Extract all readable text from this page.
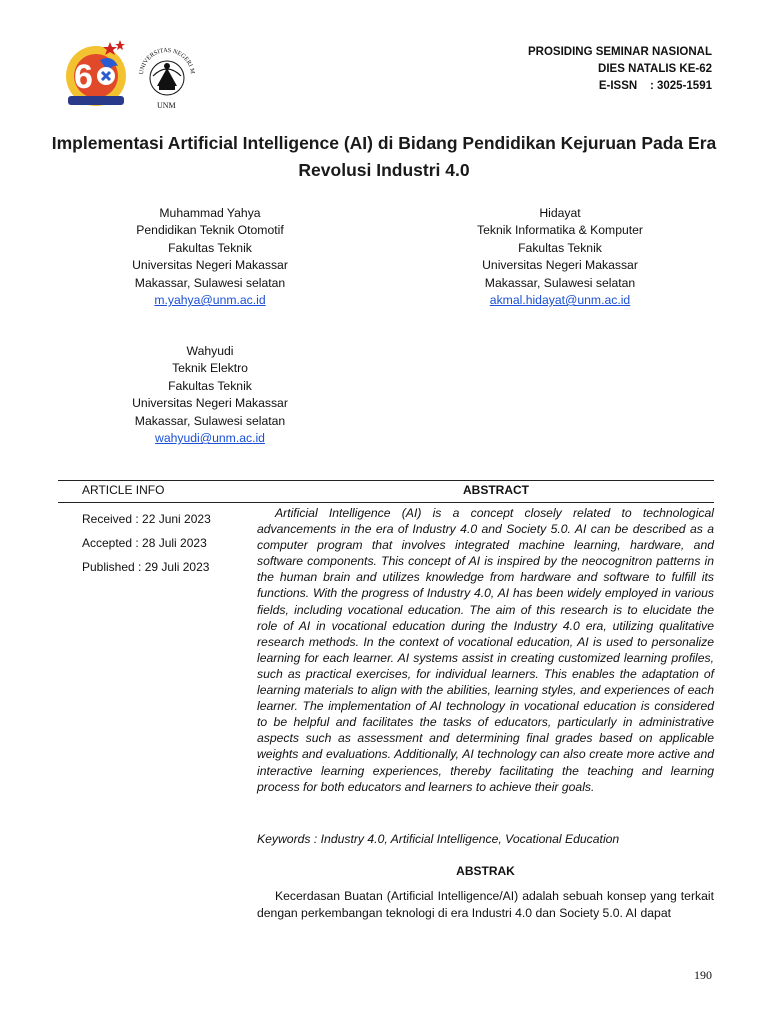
6	UNIVERSITAS NEGERI M
UNM
PROSIDING SEMINAR NASIONAL
DIES NATALIS KE-62
E-ISSN : 3025-1591
Implementasi Artificial Intelligence (AI) di Bidang Pendidikan Kejuruan Pada Era Revolusi Industri 4.0
Muhammad Yahya
Pendidikan Teknik Otomotif
Fakultas Teknik
Universitas Negeri Makassar
Makassar, Sulawesi selatan
m.yahya@unm.ac.id
Hidayat
Teknik Informatika & Komputer
Fakultas Teknik
Universitas Negeri Makassar
Makassar, Sulawesi selatan
akmal.hidayat@unm.ac.id
Wahyudi
Teknik Elektro
Fakultas Teknik
Universitas Negeri Makassar
Makassar, Sulawesi selatan
wahyudi@unm.ac.id
ARTICLE INFO	ABSTRACT
Received : 22 Juni 2023
Accepted : 28 Juli 2023
Published : 29 Juli 2023

Artificial Intelligence (AI) is a concept closely related to technological advancements in the era of Industry 4.0 and Society 5.0. AI can be described as a computer program that involves integrated machine learning, hardware, and software components. This concept of AI is inspired by the neocognitron patterns in the human brain and utilizes knowledge from hardware and software to fulfill its functions. With the progress of Industry 4.0, AI has been widely employed in various fields, including vocational education. The aim of this research is to elucidate the role of AI in vocational education during the Industry 4.0 era, utilizing qualitative research methods. In the context of vocational education, AI is used to personalize learning for each learner. AI systems assist in creating customized learning profiles, such as practical exercises, for individual learners. This enables the adaptation of learning materials to align with the abilities, learning styles, and experiences of each learner. The implementation of AI technology in vocational education is considered to be helpful and facilitates the tasks of educators, particularly in administrative aspects such as assessment and determining final grades based on applicable weights and evaluations. Additionally, AI technology can also create more active and interactive learning experiences, thereby facilitating the teaching and learning process for both educators and learners to achieve their goals.

Keywords : Industry 4.0, Artificial Intelligence, Vocational Education
ABSTRAK

Kecerdasan Buatan (Artificial Intelligence/AI) adalah sebuah konsep yang terkait dengan perkembangan teknologi di era Industri 4.0 dan Society 5.0. AI dapat

190
